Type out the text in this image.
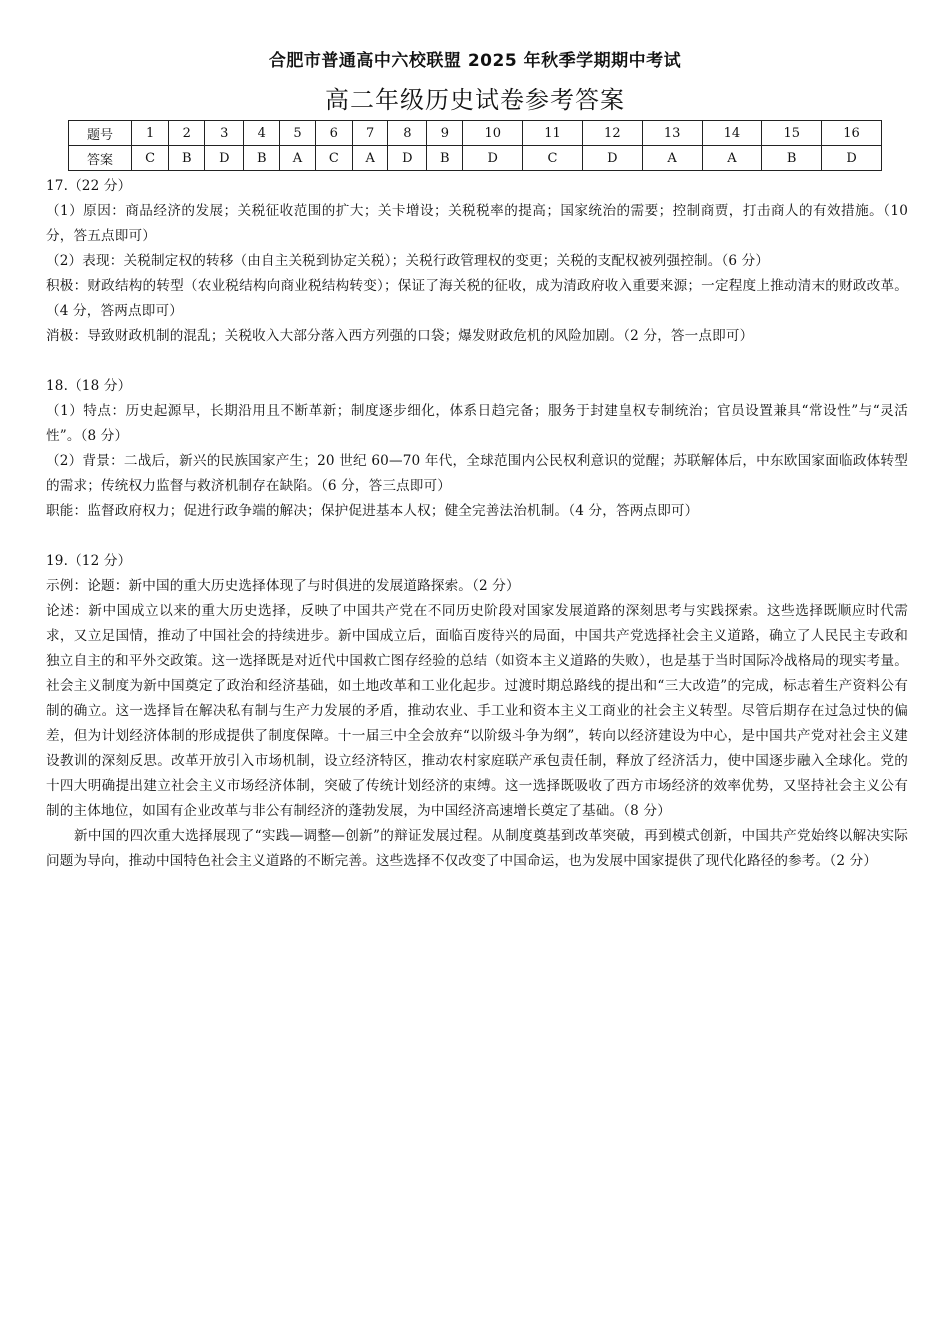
合肥市普通高中六校联盟 2025 年秋季学期期中考试
高二年级历史试卷参考答案
题号	1	2	3	4	5	6	7	8	9	10	11	12	13	14	15	16
答案	C	B	D	B	A	C	A	D	B	D	C	D	A	A	B	D

17.（22 分）

（1）原因：商品经济的发展；关税征收范围的扩大；关卡增设；关税税率的提高；国家统治的需要；控制商贾，打击商人的有效措施。（10 分，答五点即可）

（2）表现：关税制定权的转移（由自主关税到协定关税）；关税行政管理权的变更；关税的支配权被列强控制。（6 分）

积极：财政结构的转型（农业税结构向商业税结构转变）；保证了海关税的征收，成为清政府收入重要来源；一定程度上推动清末的财政改革。（4 分，答两点即可）

消极：导致财政机制的混乱；关税收入大部分落入西方列强的口袋；爆发财政危机的风险加剧。（2 分，答一点即可）

18.（18 分）

（1）特点：历史起源早，长期沿用且不断革新；制度逐步细化，体系日趋完备；服务于封建皇权专制统治；官员设置兼具“常设性”与“灵活性”。（8 分）

（2）背景：二战后，新兴的民族国家产生；20 世纪 60—70 年代，全球范围内公民权利意识的觉醒；苏联解体后，中东欧国家面临政体转型的需求；传统权力监督与救济机制存在缺陷。（6 分，答三点即可）

职能：监督政府权力；促进行政争端的解决；保护促进基本人权；健全完善法治机制。（4 分，答两点即可）

19.（12 分）

示例：论题：新中国的重大历史选择体现了与时俱进的发展道路探索。（2 分）

论述：新中国成立以来的重大历史选择，反映了中国共产党在不同历史阶段对国家发展道路的深刻思考与实践探索。这些选择既顺应时代需求，又立足国情，推动了中国社会的持续进步。新中国成立后，面临百废待兴的局面，中国共产党选择社会主义道路，确立了人民民主专政和独立自主的和平外交政策。这一选择既是对近代中国救亡图存经验的总结（如资本主义道路的失败），也是基于当时国际冷战格局的现实考量。社会主义制度为新中国奠定了政治和经济基础，如土地改革和工业化起步。过渡时期总路线的提出和“三大改造”的完成，标志着生产资料公有制的确立。这一选择旨在解决私有制与生产力发展的矛盾，推动农业、手工业和资本主义工商业的社会主义转型。尽管后期存在过急过快的偏差，但为计划经济体制的形成提供了制度保障。十一届三中全会放弃“以阶级斗争为纲”，转向以经济建设为中心，是中国共产党对社会主义建设教训的深刻反思。改革开放引入市场机制，设立经济特区，推动农村家庭联产承包责任制，释放了经济活力，使中国逐步融入全球化。党的十四大明确提出建立社会主义市场经济体制，突破了传统计划经济的束缚。这一选择既吸收了西方市场经济的效率优势，又坚持社会主义公有制的主体地位，如国有企业改革与非公有制经济的蓬勃发展，为中国经济高速增长奠定了基础。（8 分）

新中国的四次重大选择展现了“实践—调整—创新”的辩证发展过程。从制度奠基到改革突破，再到模式创新，中国共产党始终以解决实际问题为导向，推动中国特色社会主义道路的不断完善。这些选择不仅改变了中国命运，也为发展中国家提供了现代化路径的参考。（2 分）
